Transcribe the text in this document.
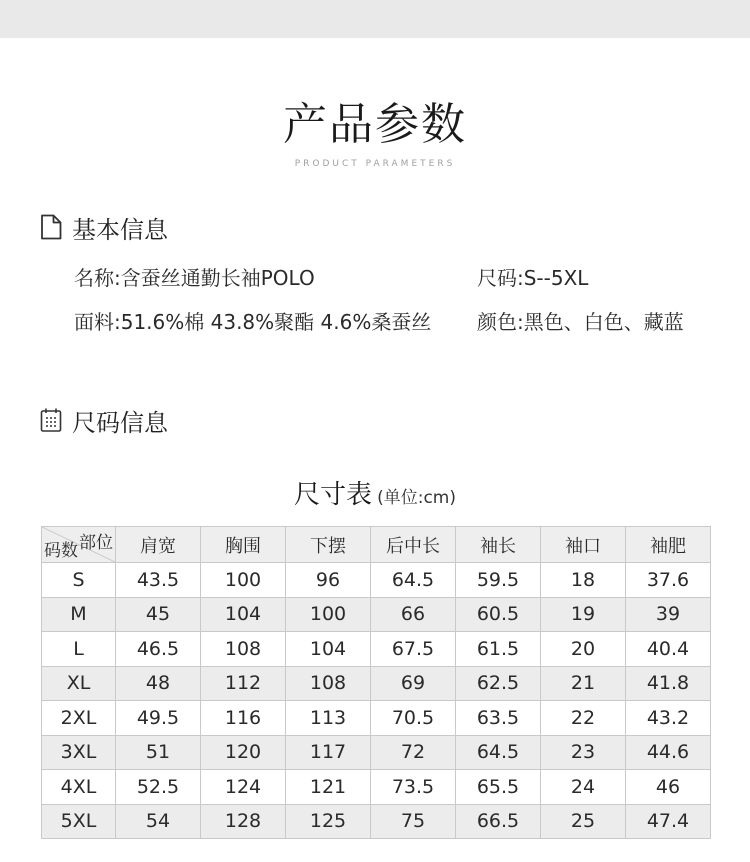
产品参数
PRODUCT PARAMETERS
基本信息
名称:含蚕丝通勤长袖POLO	尺码:S--5XL
面料:51.6%棉 43.8%聚酯 4.6%桑蚕丝 颜色:黑色、白色、藏蓝
尺码信息
尺寸表 (单位:cm)
部位
码数	肩宽	胸围	下摆	后中长	袖长	袖口	袖肥
S	43.5	100	96	64.5	59.5	18	37.6
M	45	104	100	66	60.5	19	39
L	46.5	108	104	67.5	61.5	20	40.4
XL	48	112	108	69	62.5	21	41.8
2XL	49.5	116	113	70.5	63.5	22	43.2
3XL	51	120	117	72	64.5	23	44.6
4XL	52.5	124	121	73.5	65.5	24	46
5XL	54	128	125	75	66.5	25	47.4
